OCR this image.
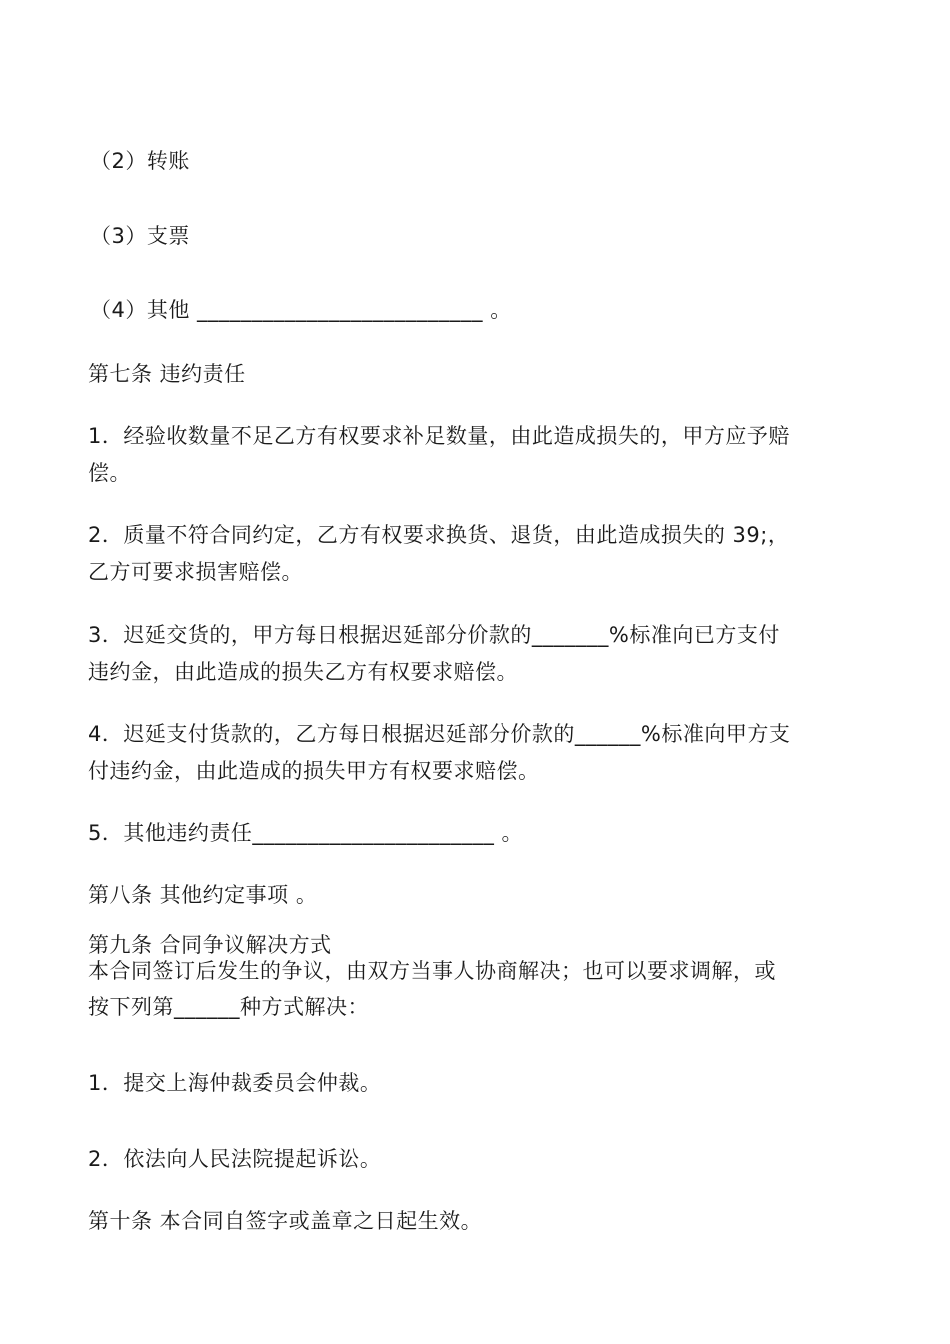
（2）转账
（3）支票
（4）其他 __________________________ 。
第七条 违约责任
1．经验收数量不足乙方有权要求补足数量，由此造成损失的，甲方应予赔
偿。
2．质量不符合同约定，乙方有权要求换货、退货，由此造成损失的 39;，
乙方可要求损害赔偿。
3．迟延交货的，甲方每日根据迟延部分价款的_______%标准向已方支付
违约金，由此造成的损失乙方有权要求赔偿。
4．迟延支付货款的，乙方每日根据迟延部分价款的______%标准向甲方支
付违约金，由此造成的损失甲方有权要求赔偿。
5．其他违约责任______________________ 。
第八条 其他约定事项 。
第九条 合同争议解决方式
本合同签订后发生的争议，由双方当事人协商解决；也可以要求调解，或
按下列第______种方式解决：
1．提交上海仲裁委员会仲裁。
2．依法向人民法院提起诉讼。
第十条 本合同自签字或盖章之日起生效。
